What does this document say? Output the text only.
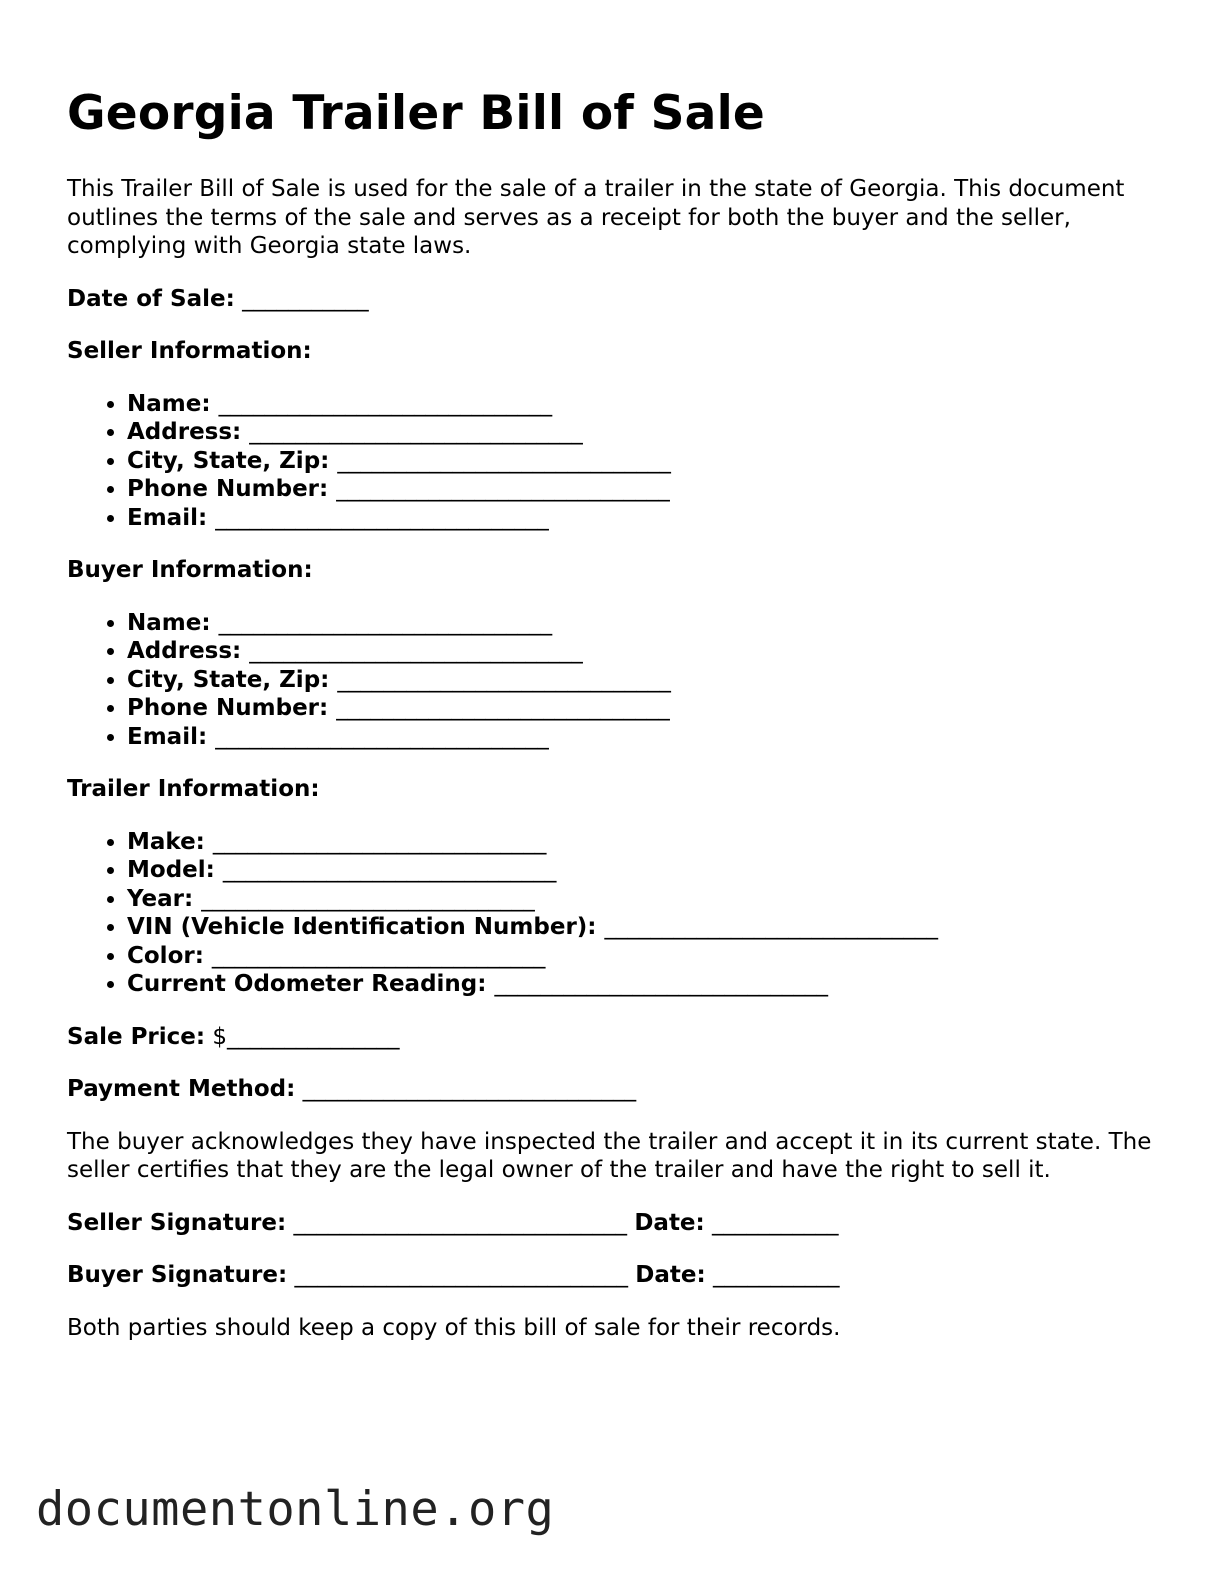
Georgia Trailer Bill of Sale

This Trailer Bill of Sale is used for the sale of a trailer in the state of Georgia. This document outlines the terms of the sale and serves as a receipt for both the buyer and the seller, complying with Georgia state laws.

Date of Sale: ___________

Seller Information:
• Name: _____________________________
• Address: _____________________________
• City, State, Zip: _____________________________
• Phone Number: _____________________________
• Email: _____________________________
Buyer Information:
• Name: _____________________________
• Address: _____________________________
• City, State, Zip: _____________________________
• Phone Number: _____________________________
• Email: _____________________________
Trailer Information:
• Make: _____________________________
• Model: _____________________________
• Year: _____________________________
• VIN (Vehicle Identification Number): _____________________________
• Color: _____________________________
• Current Odometer Reading: _____________________________

Sale Price: $_______________

Payment Method: _____________________________

The buyer acknowledges they have inspected the trailer and accept it in its current state. The seller certifies that they are the legal owner of the trailer and have the right to sell it.

Seller Signature: _____________________________ Date: ___________

Buyer Signature: _____________________________ Date: ___________

Both parties should keep a copy of this bill of sale for their records.

documentonline.org
